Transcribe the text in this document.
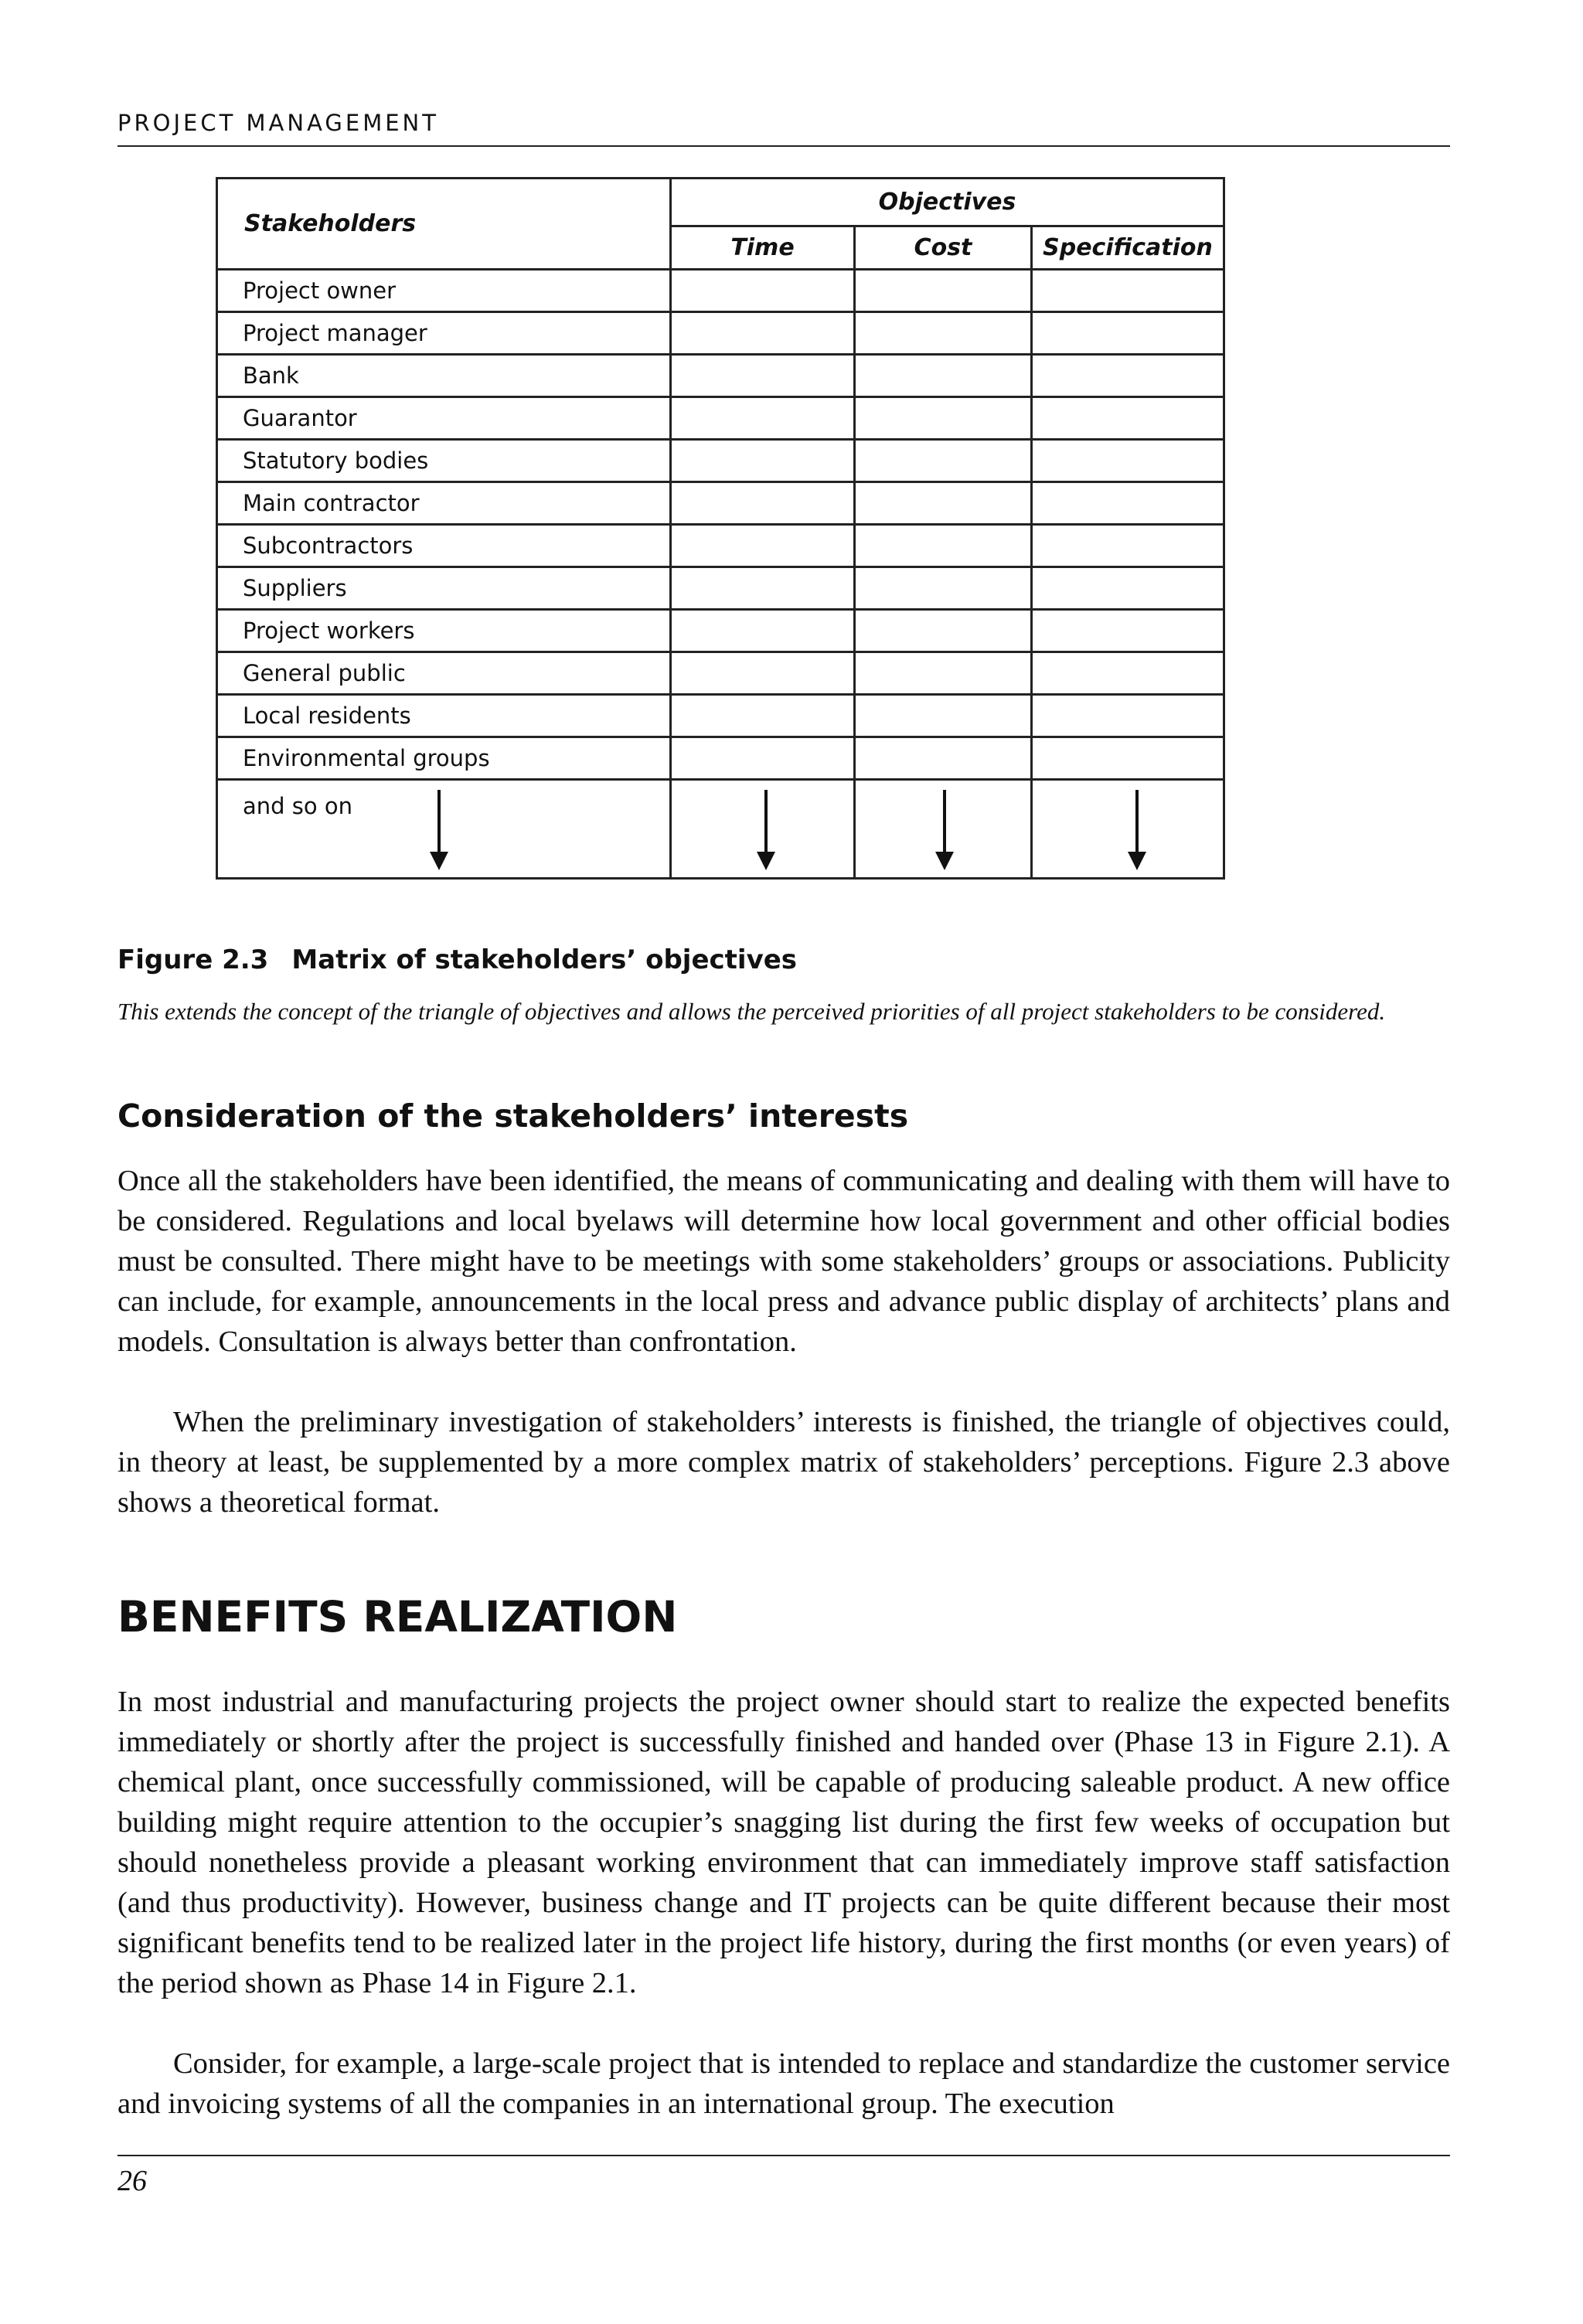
PROJECT MANAGEMENT
Stakeholders	Objectives		
	Time	Cost	Specification
Project owner			
Project manager			
Bank			
Guarantor			
Statutory bodies			
Main contractor			
Subcontractors			
Suppliers			
Project workers			
General public			
Local residents			
Environmental groups			
and so on

Figure 2.3 Matrix of stakeholders’ objectives
This extends the concept of the triangle of objectives and allows the perceived priorities of all project stakeholders to be considered.
Consideration of the stakeholders’ interests

Once all the stakeholders have been identified, the means of communicating and dealing with them will have to be considered. Regulations and local byelaws will determine how local government and other official bodies must be consulted. There might have to be meetings with some stakeholders’ groups or associations. Publicity can include, for example, announcements in the local press and advance public display of architects’ plans and models. Consultation is always better than confrontation.

When the preliminary investigation of stakeholders’ interests is finished, the triangle of objectives could, in theory at least, be supplemented by a more complex matrix of stakeholders’ perceptions. Figure 2.3 above shows a theoretical format.

BENEFITS REALIZATION

In most industrial and manufacturing projects the project owner should start to realize the expected benefits immediately or shortly after the project is successfully finished and handed over (Phase 13 in Figure 2.1). A chemical plant, once successfully commissioned, will be capable of producing saleable product. A new office building might require attention to the occupier’s snagging list during the first few weeks of occupation but should nonetheless provide a pleasant working environment that can immediately improve staff satisfaction (and thus productivity). However, business change and IT projects can be quite different because their most significant benefits tend to be realized later in the project life history, during the first months (or even years) of the period shown as Phase 14 in Figure 2.1.

Consider, for example, a large-scale project that is intended to replace and standardize the customer service and invoicing systems of all the companies in an international group. The execution

26
